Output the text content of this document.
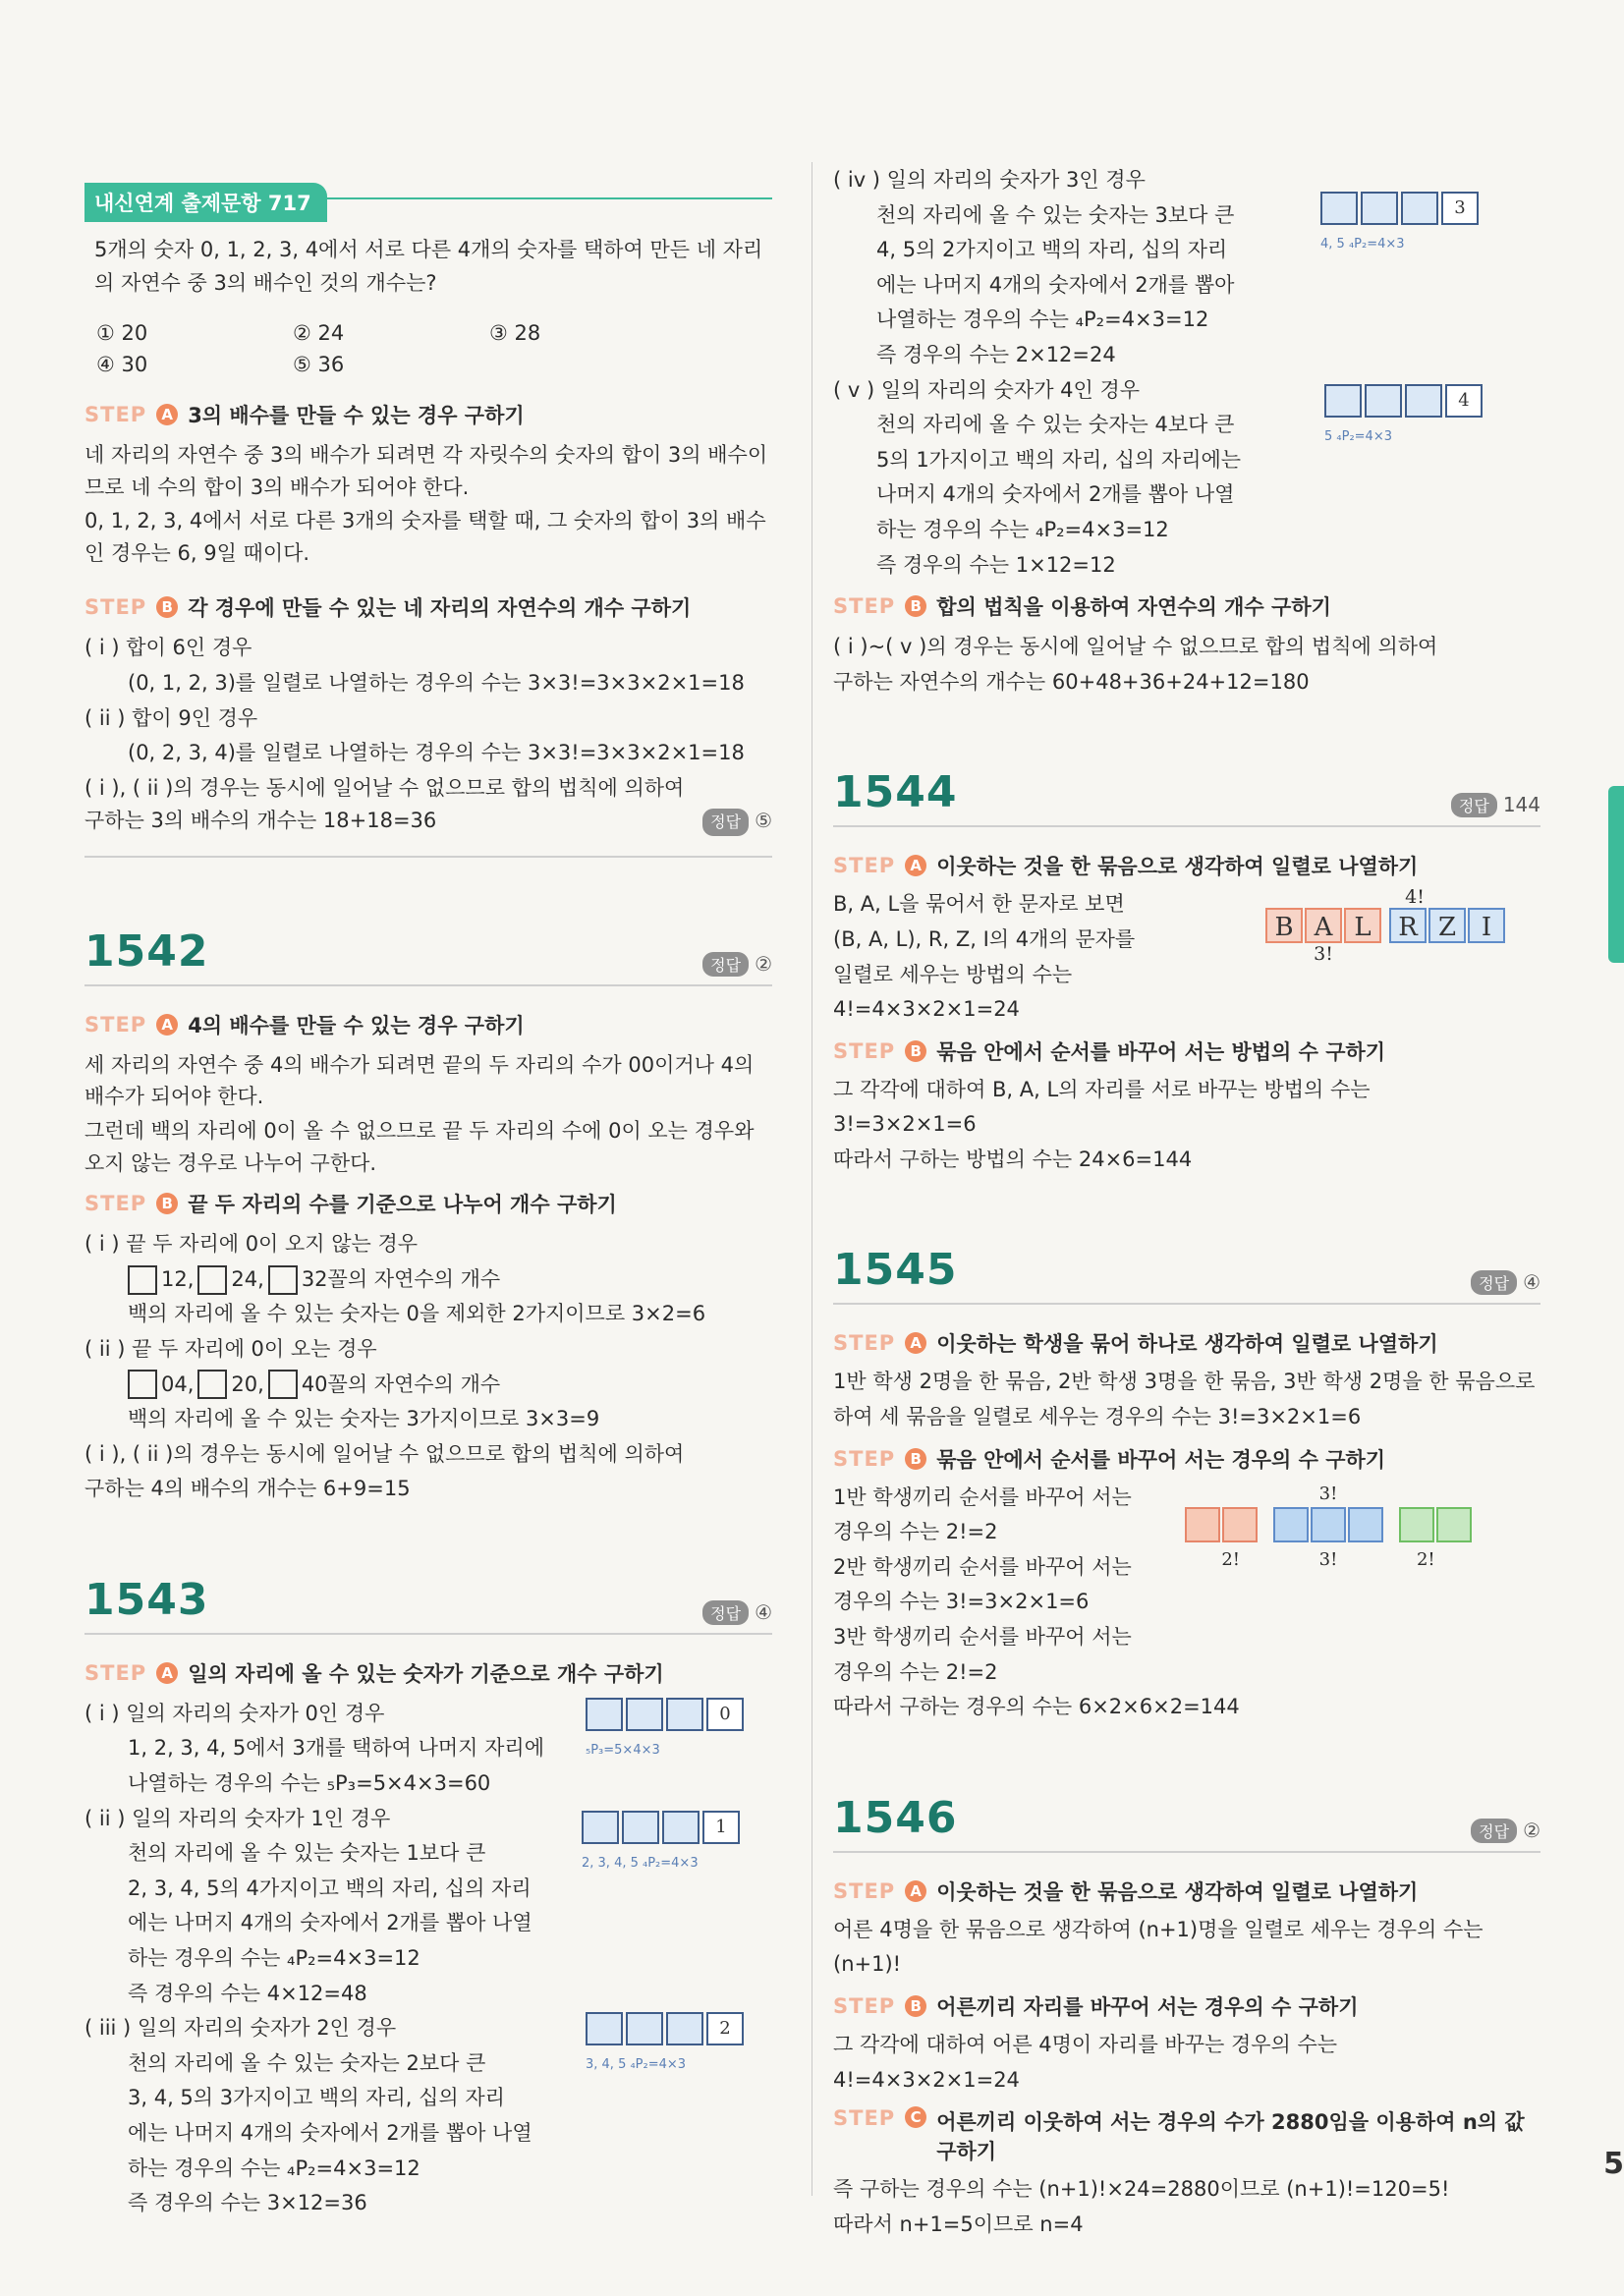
5
내신연계 출제문항 717
5개의 숫자 0, 1, 2, 3, 4에서 서로 다른 4개의 숫자를 택하여 만든 네 자리의 자연수 중 3의 배수인 것의 개수는?
① 20	② 24	③ 28
④ 30	⑤ 36
STEP	A 3의 배수를 만들 수 있는 경우 구하기
네 자리의 자연수 중 3의 배수가 되려면 각 자릿수의 숫자의 합이 3의 배수이므로 네 수의 합이 3의 배수가 되어야 한다.
0, 1, 2, 3, 4에서 서로 다른 3개의 숫자를 택할 때, 그 숫자의 합이 3의 배수인 경우는 6, 9일 때이다.
STEP	B 각 경우에 만들 수 있는 네 자리의 자연수의 개수 구하기
( i ) 합이 6인 경우
(0, 1, 2, 3)를 일렬로 나열하는 경우의 수는 3×3!=3×3×2×1=18
( ii ) 합이 9인 경우
(0, 2, 3, 4)를 일렬로 나열하는 경우의 수는 3×3!=3×3×2×1=18
( i ), ( ii )의 경우는 동시에 일어날 수 없으므로 합의 법칙에 의하여
구하는 3의 배수의 개수는 18+18=36	정답 ⑤
1542	정답 ②
STEP	A 4의 배수를 만들 수 있는 경우 구하기
세 자리의 자연수 중 4의 배수가 되려면 끝의 두 자리의 수가 00이거나 4의 배수가 되어야 한다.
그런데 백의 자리에 0이 올 수 없으므로 끝 두 자리의 수에 0이 오는 경우와 오지 않는 경우로 나누어 구한다.
STEP	B 끝 두 자리의 수를 기준으로 나누어 개수 구하기
( i ) 끝 두 자리에 0이 오지 않는 경우
12, 24, 32꼴의 자연수의 개수
백의 자리에 올 수 있는 숫자는 0을 제외한 2가지이므로 3×2=6
( ii ) 끝 두 자리에 0이 오는 경우
04, 20, 40꼴의 자연수의 개수
백의 자리에 올 수 있는 숫자는 3가지이므로 3×3=9
( i ), ( ii )의 경우는 동시에 일어날 수 없으므로 합의 법칙에 의하여
구하는 4의 배수의 개수는 6+9=15
1543	정답 ④
STEP	A 일의 자리에 올 수 있는 숫자가 기준으로 개수 구하기
( i ) 일의 자리의 숫자가 0인 경우
1, 2, 3, 4, 5에서 3개를 택하여 나머지 자리에
나열하는 경우의 수는 ₅P₃=5×4×3=60
0
₅P₃=5×4×3
( ii ) 일의 자리의 숫자가 1인 경우
천의 자리에 올 수 있는 숫자는 1보다 큰
2, 3, 4, 5의 4가지이고 백의 자리, 십의 자리
에는 나머지 4개의 숫자에서 2개를 뽑아 나열
하는 경우의 수는 ₄P₂=4×3=12
즉 경우의 수는 4×12=48
1
2, 3, 4, 5 ₄P₂=4×3
( iii ) 일의 자리의 숫자가 2인 경우
천의 자리에 올 수 있는 숫자는 2보다 큰
3, 4, 5의 3가지이고 백의 자리, 십의 자리
에는 나머지 4개의 숫자에서 2개를 뽑아 나열
하는 경우의 수는 ₄P₂=4×3=12
즉 경우의 수는 3×12=36
2
3, 4, 5 ₄P₂=4×3
( iv ) 일의 자리의 숫자가 3인 경우
천의 자리에 올 수 있는 숫자는 3보다 큰
4, 5의 2가지이고 백의 자리, 십의 자리
에는 나머지 4개의 숫자에서 2개를 뽑아
나열하는 경우의 수는 ₄P₂=4×3=12
즉 경우의 수는 2×12=24
3
4, 5 ₄P₂=4×3
( v ) 일의 자리의 숫자가 4인 경우
천의 자리에 올 수 있는 숫자는 4보다 큰
5의 1가지이고 백의 자리, 십의 자리에는
나머지 4개의 숫자에서 2개를 뽑아 나열
하는 경우의 수는 ₄P₂=4×3=12
즉 경우의 수는 1×12=12
4
5 ₄P₂=4×3
STEP	B 합의 법칙을 이용하여 자연수의 개수 구하기
( i )~( v )의 경우는 동시에 일어날 수 없으므로 합의 법칙에 의하여
구하는 자연수의 개수는 60+48+36+24+12=180
1544	정답 144
STEP	A 이웃하는 것을 한 묶음으로 생각하여 일렬로 나열하기
B, A, L을 묶어서 한 문자로 보면
(B, A, L), R, Z, I의 4개의 문자를
일렬로 세우는 방법의 수는
4!=4×3×2×1=24
4!
B A L	R Z I
3!
STEP	B 묶음 안에서 순서를 바꾸어 서는 방법의 수 구하기
그 각각에 대하여 B, A, L의 자리를 서로 바꾸는 방법의 수는
3!=3×2×1=6
따라서 구하는 방법의 수는 24×6=144
1545	정답 ④
STEP	A 이웃하는 학생을 묶어 하나로 생각하여 일렬로 나열하기
1반 학생 2명을 한 묶음, 2반 학생 3명을 한 묶음, 3반 학생 2명을 한 묶음으로
하여 세 묶음을 일렬로 세우는 경우의 수는 3!=3×2×1=6
STEP	B 묶음 안에서 순서를 바꾸어 서는 경우의 수 구하기
1반 학생끼리 순서를 바꾸어 서는
경우의 수는 2!=2
2반 학생끼리 순서를 바꾸어 서는
경우의 수는 3!=3×2×1=6
3반 학생끼리 순서를 바꾸어 서는
경우의 수는 2!=2
따라서 구하는 경우의 수는 6×2×6×2=144
3!
2!	3!	2!
1546	정답 ②
STEP	A 이웃하는 것을 한 묶음으로 생각하여 일렬로 나열하기
어른 4명을 한 묶음으로 생각하여 (n+1)명을 일렬로 세우는 경우의 수는
(n+1)!
STEP	B 어른끼리 자리를 바꾸어 서는 경우의 수 구하기
그 각각에 대하여 어른 4명이 자리를 바꾸는 경우의 수는
4!=4×3×2×1=24
STEP	C 어른끼리 이웃하여 서는 경우의 수가 2880임을 이용하여 n의 값
구하기
즉 구하는 경우의 수는 (n+1)!×24=2880이므로 (n+1)!=120=5!
따라서 n+1=5이므로 n=4
